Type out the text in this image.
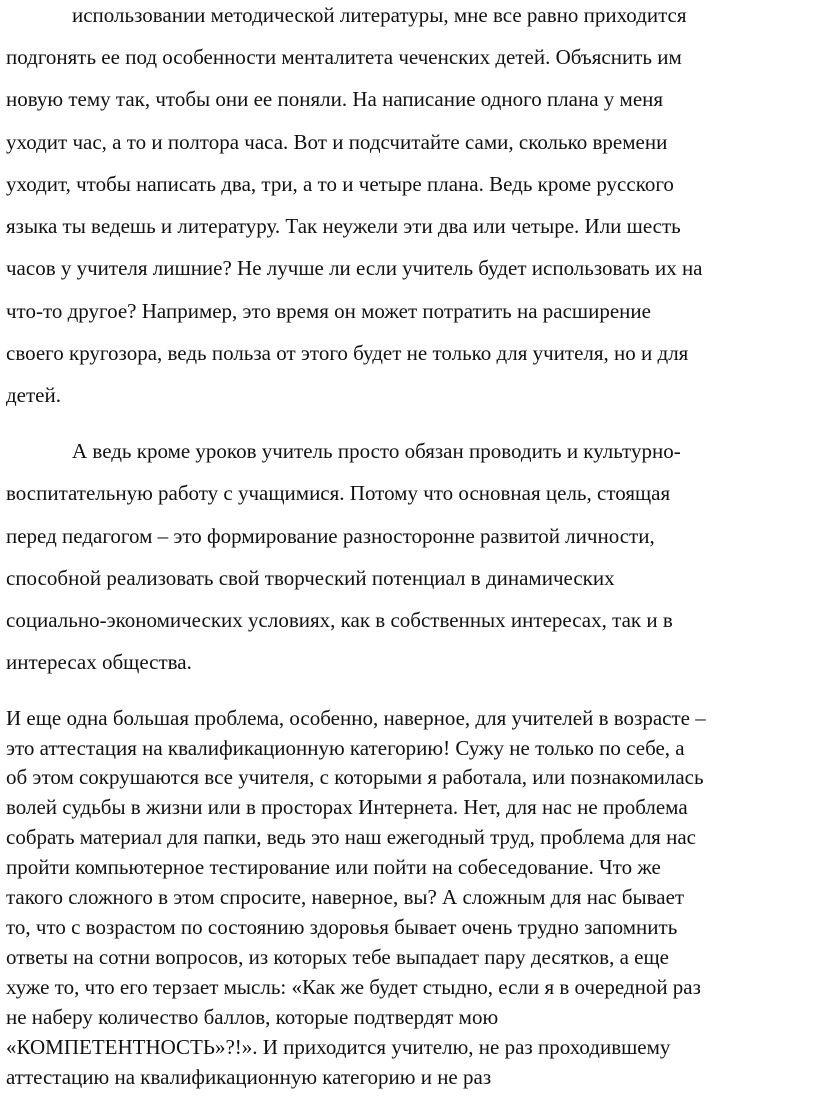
использовании методической литературы, мне все равно приходится
подгонять ее под особенности менталитета чеченских детей. Объяснить им
новую тему так, чтобы они ее поняли. На написание одного плана у меня
уходит час, а то и полтора часа. Вот и подсчитайте сами, сколько времени
уходит, чтобы написать два, три, а то и четыре плана. Ведь кроме русского
языка ты ведешь и литературу. Так неужели эти два или четыре. Или шесть
часов у учителя лишние? Не лучше ли если учитель будет использовать их на
что-то другое? Например, это время он может потратить на расширение
своего кругозора, ведь польза от этого будет не только для учителя, но и для
детей.
А ведь кроме уроков учитель просто обязан проводить и культурно-
воспитательную работу с учащимися. Потому что основная цель, стоящая
перед педагогом – это формирование разносторонне развитой личности,
способной реализовать свой творческий потенциал в динамических
социально-экономических условиях, как в собственных интересах, так и в
интересах общества.
И еще одна большая проблема, особенно, наверное, для учителей в возрасте –
это аттестация на квалификационную категорию! Сужу не только по себе, а
об этом сокрушаются все учителя, с которыми я работала, или познакомилась
волей судьбы в жизни или в просторах Интернета. Нет, для нас не проблема
собрать материал для папки, ведь это наш ежегодный труд, проблема для нас
пройти компьютерное тестирование или пойти на собеседование. Что же
такого сложного в этом спросите, наверное, вы? А сложным для нас бывает
то, что с возрастом по состоянию здоровья бывает очень трудно запомнить
ответы на сотни вопросов, из которых тебе выпадает пару десятков, а еще
хуже то, что его терзает мысль: «Как же будет стыдно, если я в очередной раз
не наберу количество баллов, которые подтвердят мою
«КОМПЕТЕНТНОСТЬ»?!». И приходится учителю, не раз проходившему
аттестацию на квалификационную категорию и не раз
